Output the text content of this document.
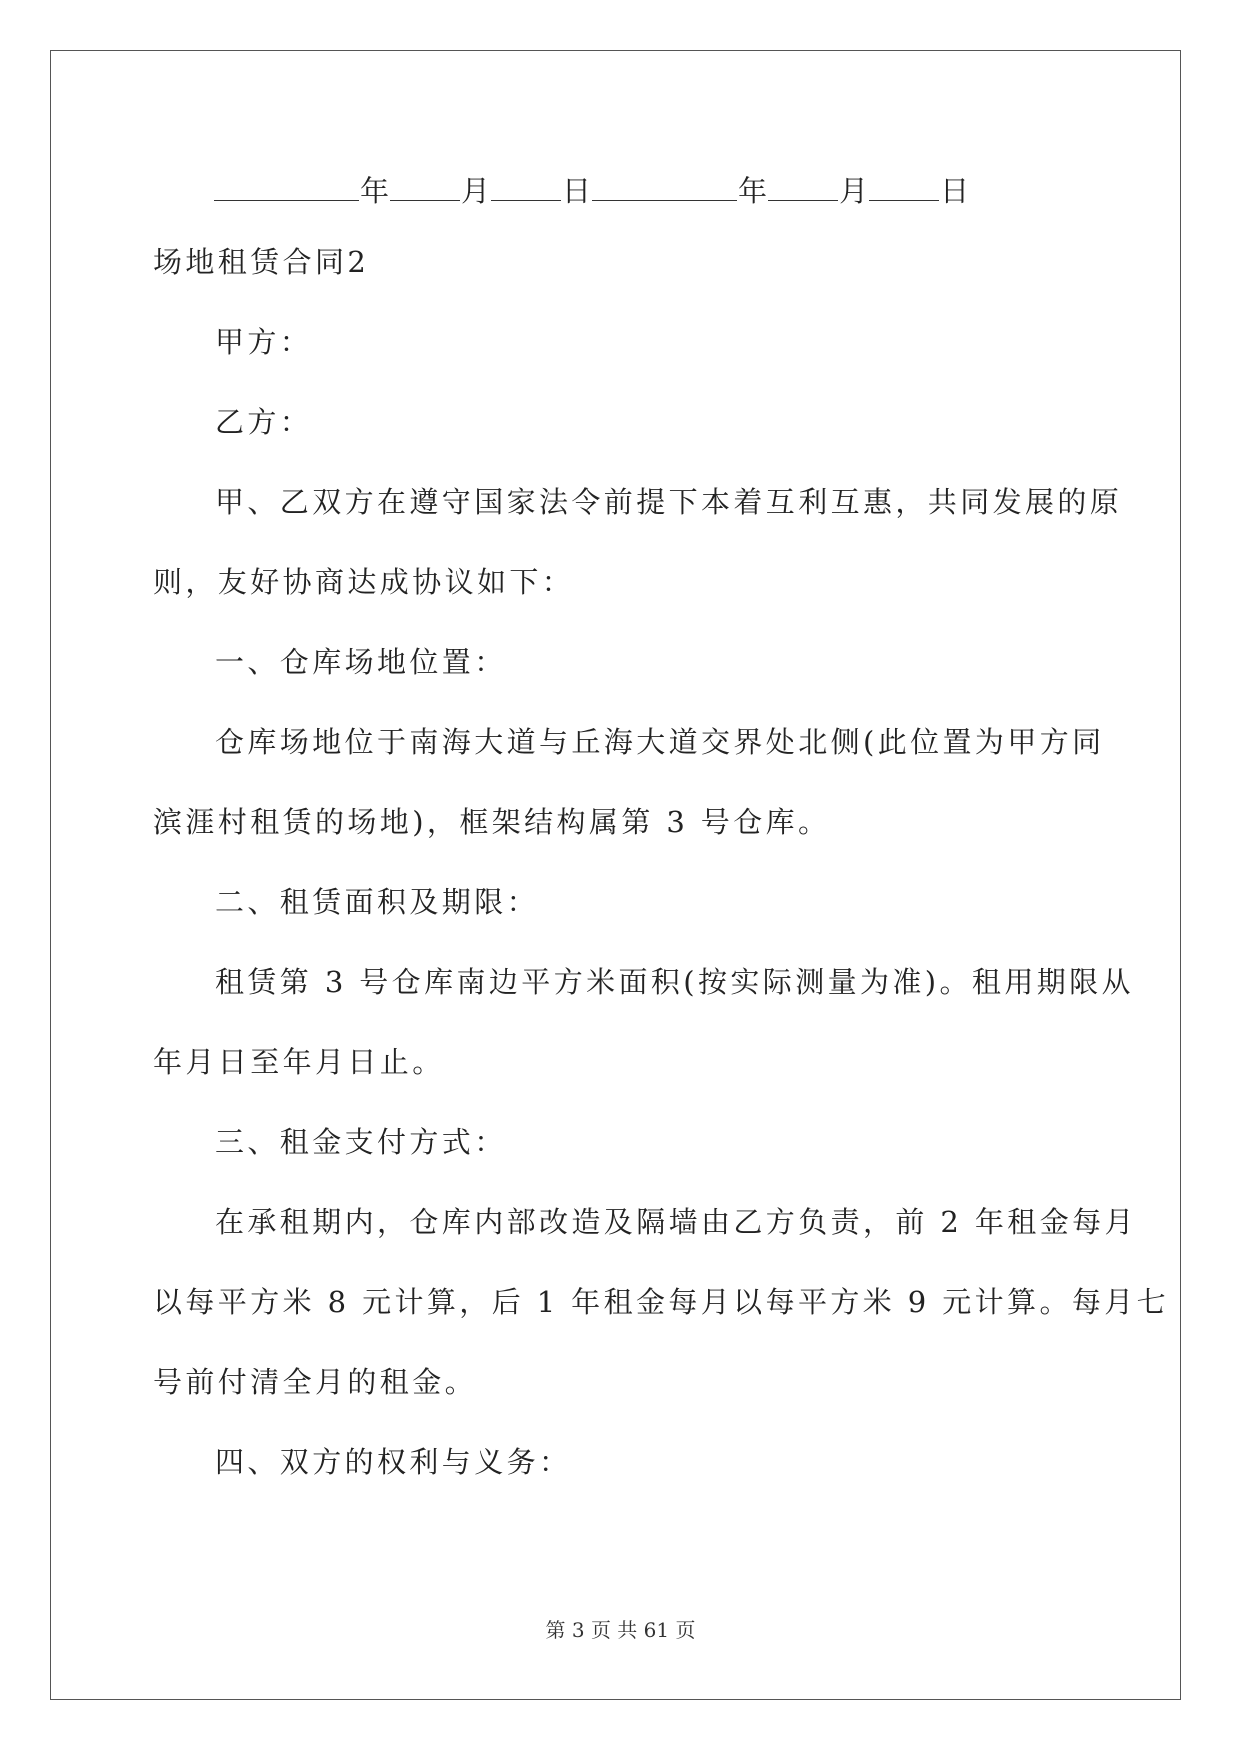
年 月 日	年 月 日
场地租赁合同2
甲方：
乙方：
甲、乙双方在遵守国家法令前提下本着互利互惠，共同发展的原
则，友好协商达成协议如下：
一、仓库场地位置：
仓库场地位于南海大道与丘海大道交界处北侧(此位置为甲方同
滨涯村租赁的场地)，框架结构属第 3 号仓库。
二、租赁面积及期限：
租赁第 3 号仓库南边平方米面积(按实际测量为准)。租用期限从
年月日至年月日止。
三、租金支付方式：
在承租期内，仓库内部改造及隔墙由乙方负责，前 2 年租金每月
以每平方米 8 元计算，后 1 年租金每月以每平方米 9 元计算。每月七
号前付清全月的租金。
四、双方的权利与义务：
第 3 页 共 61 页
